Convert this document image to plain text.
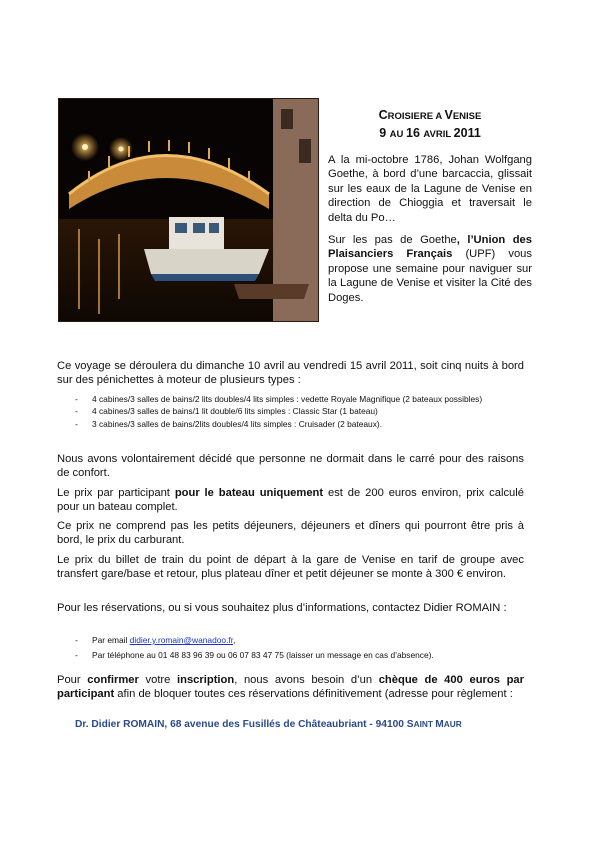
CROISIERE A VENISE
9 AU 16 AVRIL 2011
A la mi-octobre 1786, Johan Wolfgang Goethe, à bord d’une barcaccia, glissait sur les eaux de la Lagune de Venise en direction de Chioggia et traversait le delta du Po…
Sur les pas de Goethe, l’Union des Plaisanciers Français (UPF) vous propose une semaine pour naviguer sur la Lagune de Venise et visiter la Cité des Doges.
Ce voyage se déroulera du dimanche 10 avril au vendredi 15 avril 2011, soit cinq nuits à bord sur des pénichettes à moteur de plusieurs types :
- 4 cabines/3 salles de bains/2 lits doubles/4 lits simples : vedette Royale Magnifique (2 bateaux possibles)
- 4 cabines/3 salles de bains/1 lit double/6 lits simples : Classic Star (1 bateau)
- 3 cabines/3 salles de bains/2lits doubles/4 lits simples : Cruisader (2 bateaux).
Nous avons volontairement décidé que personne ne dormait dans le carré pour des raisons de confort.
Le prix par participant pour le bateau uniquement est de 200 euros environ, prix calculé pour un bateau complet.
Ce prix ne comprend pas les petits déjeuners, déjeuners et dîners qui pourront être pris à bord, le prix du carburant.
Le prix du billet de train du point de départ à la gare de Venise en tarif de groupe avec transfert gare/base et retour, plus plateau dîner et petit déjeuner se monte à 300 € environ.
Pour les réservations, ou si vous souhaitez plus d’informations, contactez Didier ROMAIN :
- Par email didier.y.romain@wanadoo.fr,
- Par téléphone au 01 48 83 96 39 ou 06 07 83 47 75 (laisser un message en cas d’absence).
Pour confirmer votre inscription, nous avons besoin d’un chèque de 400 euros par participant afin de bloquer toutes ces réservations définitivement (adresse pour règlement :
Dr. Didier ROMAIN, 68 avenue des Fusillés de Châteaubriant - 94100 SAINT MAUR
